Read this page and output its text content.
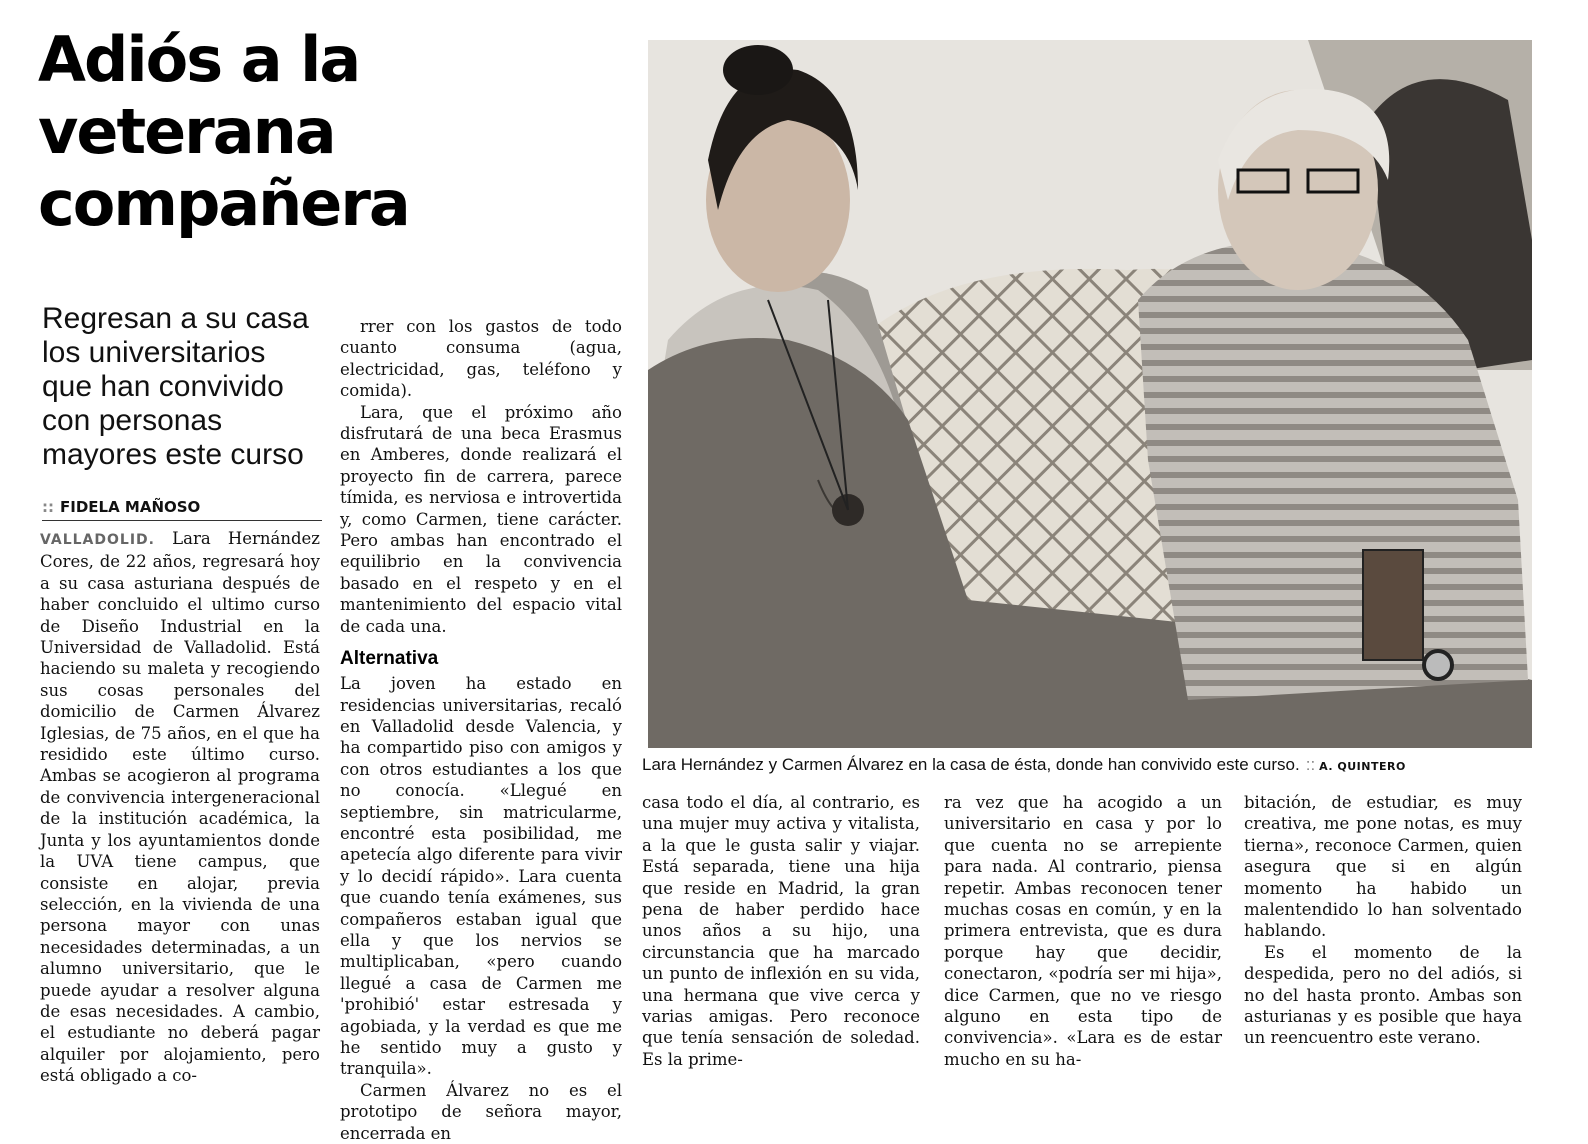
Adiós a la
veterana
compañera

Regresan a su casa
los universitarios
que han convivido
con personas
mayores este curso

:: FIDELA MAÑOSO

VALLADOLID. Lara Hernández Cores, de 22 años, regresará hoy a su casa asturiana después de haber concluido el ultimo curso de Diseño Industrial en la Universidad de Valladolid. Está haciendo su maleta y recogiendo sus cosas personales del domicilio de Carmen Álvarez Iglesias, de 75 años, en el que ha residido este último curso. Ambas se acogieron al programa de convivencia intergeneracional de la institución académica, la Junta y los ayuntamientos donde la UVA tiene campus, que consiste en alojar, previa selección, en la vivienda de una persona mayor con unas necesidades determinadas, a un alumno universitario, que le puede ayudar a resolver alguna de esas necesidades. A cambio, el estudiante no deberá pagar alquiler por alojamiento, pero está obligado a co-

rrer con los gastos de todo cuanto consuma (agua, electricidad, gas, teléfono y comida).

Lara, que el próximo año disfrutará de una beca Erasmus en Amberes, donde realizará el proyecto fin de carrera, parece tímida, es nerviosa e introvertida y, como Carmen, tiene carácter. Pero ambas han encontrado el equilibrio en la convivencia basado en el respeto y en el mantenimiento del espacio vital de cada una.

Alternativa

La joven ha estado en residencias universitarias, recaló en Valladolid desde Valencia, y ha compartido piso con amigos y con otros estudiantes a los que no conocía. «Llegué en septiembre, sin matricularme, encontré esta posibilidad, me apetecía algo diferente para vivir y lo decidí rápido». Lara cuenta que cuando tenía exámenes, sus compañeros estaban igual que ella y que los nervios se multiplicaban, «pero cuando llegué a casa de Carmen me 'prohibió' estar estresada y agobiada, y la verdad es que me he sentido muy a gusto y tranquila».

Carmen Álvarez no es el prototipo de señora mayor, encerrada en

Lara Hernández y Carmen Álvarez en la casa de ésta, donde han convivido este curso. :: A. QUINTERO

casa todo el día, al contrario, es una mujer muy activa y vitalista, a la que le gusta salir y viajar. Está separada, tiene una hija que reside en Madrid, la gran pena de haber perdido hace unos años a su hijo, una circunstancia que ha marcado un punto de inflexión en su vida, una hermana que vive cerca y varias amigas. Pero reconoce que tenía sensación de soledad. Es la prime-

ra vez que ha acogido a un universitario en casa y por lo que cuenta no se arrepiente para nada. Al contrario, piensa repetir. Ambas reconocen tener muchas cosas en común, y en la primera entrevista, que es dura porque hay que decidir, conectaron, «podría ser mi hija», dice Carmen, que no ve riesgo alguno en esta tipo de convivencia». «Lara es de estar mucho en su ha-

bitación, de estudiar, es muy creativa, me pone notas, es muy tierna», reconoce Carmen, quien asegura que si en algún momento ha habido un malentendido lo han solventado hablando.

Es el momento de la despedida, pero no del adiós, si no del hasta pronto. Ambas son asturianas y es posible que haya un reencuentro este verano.
